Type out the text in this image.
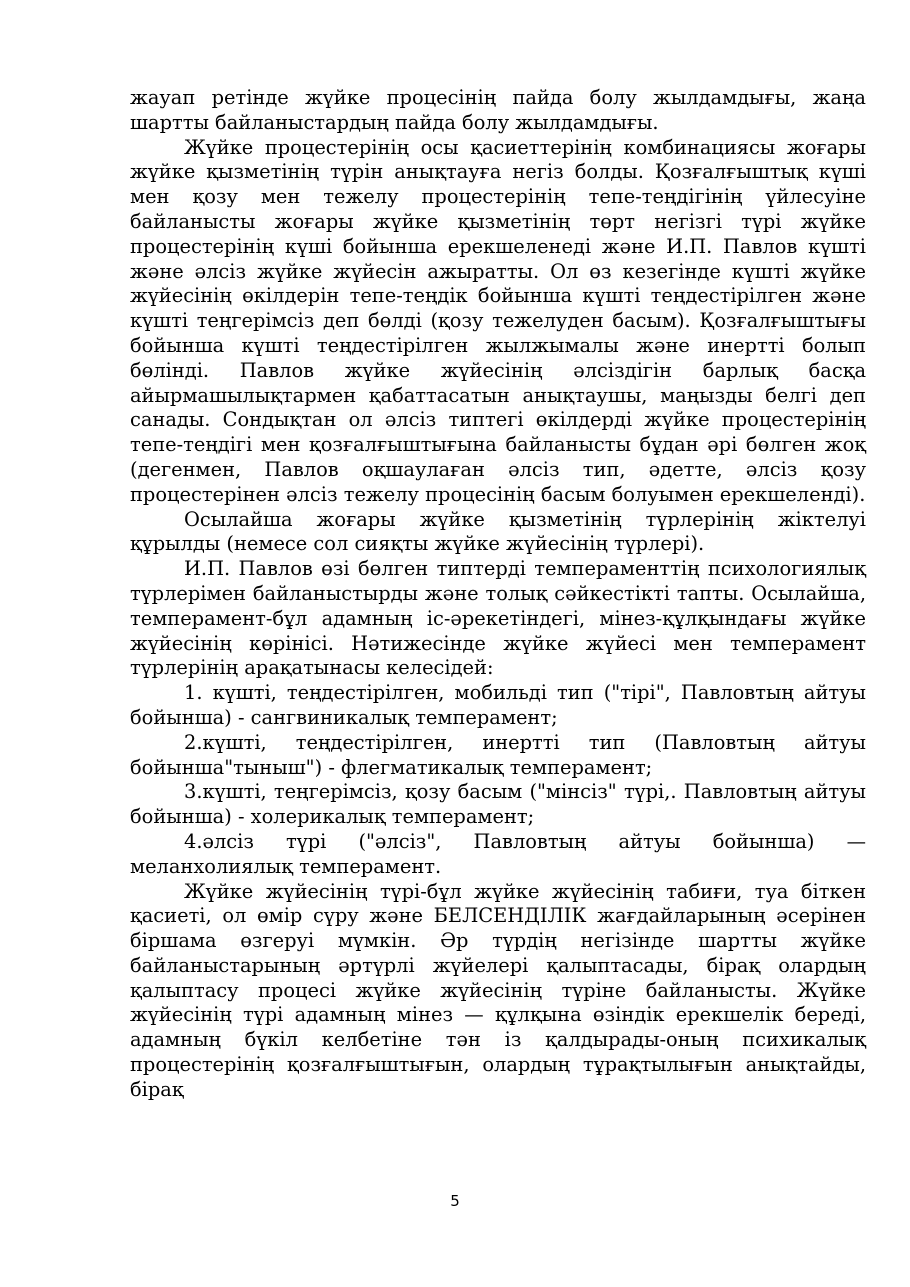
жауап ретінде жүйке процесінің пайда болу жылдамдығы, жаңа шартты байланыстардың пайда болу жылдамдығы.

Жүйке процестерінің осы қасиеттерінің комбинациясы жоғары жүйке қызметінің түрін анықтауға негіз болды. Қозғалғыштық күші мен қозу мен тежелу процестерінің тепе-теңдігінің үйлесуіне байланысты жоғары жүйке қызметінің төрт негізгі түрі жүйке процестерінің күші бойынша ерекшеленеді және И.П. Павлов күшті және әлсіз жүйке жүйесін ажыратты. Ол өз кезегінде күшті жүйке жүйесінің өкілдерін тепе-теңдік бойынша күшті теңдестірілген және күшті теңгерімсіз деп бөлді (қозу тежелуден басым). Қозғалғыштығы бойынша күшті теңдестірілген жылжымалы және инертті болып бөлінді. Павлов жүйке жүйесінің әлсіздігін барлық басқа айырмашылықтармен қабаттасатын анықтаушы, маңызды белгі деп санады. Сондықтан ол әлсіз типтегі өкілдерді жүйке процестерінің тепе-теңдігі мен қозғалғыштығына байланысты бұдан әрі бөлген жоқ (дегенмен, Павлов оқшаулаған әлсіз тип, әдетте, әлсіз қозу процестерінен әлсіз тежелу процесінің басым болуымен ерекшеленді).

Осылайша жоғары жүйке қызметінің түрлерінің жіктелуі құрылды (немесе сол сияқты жүйке жүйесінің түрлері).

И.П. Павлов өзі бөлген типтерді темпераменттің психологиялық түрлерімен байланыстырды және толық сәйкестікті тапты. Осылайша, темперамент-бұл адамның іс-әрекетіндегі, мінез-құлқындағы жүйке жүйесінің көрінісі. Нәтижесінде жүйке жүйесі мен темперамент түрлерінің арақатынасы келесідей:

1. күшті, теңдестірілген, мобильді тип ("тірі", Павловтың айтуы бойынша) - сангвиникалық темперамент;

2.күшті, теңдестірілген, инертті тип (Павловтың айтуы бойынша"тыныш") - флегматикалық темперамент;

3.күшті, теңгерімсіз, қозу басым ("мінсіз" түрі,. Павловтың айтуы бойынша) - холерикалық темперамент;

4.әлсіз түрі ("әлсіз", Павловтың айтуы бойынша) — меланхолиялық темперамент.

Жүйке жүйесінің түрі-бұл жүйке жүйесінің табиғи, туа біткен қасиеті, ол өмір сүру және БЕЛСЕНДІЛІК жағдайларының әсерінен біршама өзгеруі мүмкін. Әр түрдің негізінде шартты жүйке байланыстарының әртүрлі жүйелері қалыптасады, бірақ олардың қалыптасу процесі жүйке жүйесінің түріне байланысты. Жүйке жүйесінің түрі адамның мінез — құлқына өзіндік ерекшелік береді, адамның бүкіл келбетіне тән із қалдырады-оның психикалық процестерінің қозғалғыштығын, олардың тұрақтылығын анықтайды, бірақ

5
